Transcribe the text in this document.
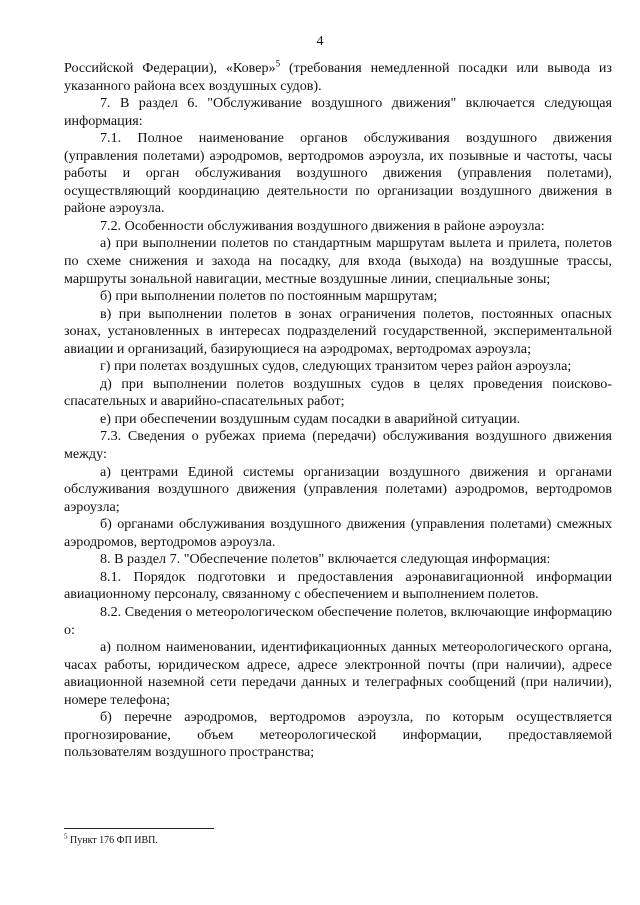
4

Российской Федерации), «Ковер»$^5$ (требования немедленной посадки или вывода из указанного района всех воздушных судов).

7. В раздел 6. "Обслуживание воздушного движения" включается следующая информация:

7.1. Полное наименование органов обслуживания воздушного движения (управления полетами) аэродромов, вертодромов аэроузла, их позывные и частоты, часы работы и орган обслуживания воздушного движения (управления полетами), осуществляющий координацию деятельности по организации воздушного движения в районе аэроузла.

7.2. Особенности обслуживания воздушного движения в районе аэроузла:

а) при выполнении полетов по стандартным маршрутам вылета и прилета, полетов по схеме снижения и захода на посадку, для входа (выхода) на воздушные трассы, маршруты зональной навигации, местные воздушные линии, специальные зоны;

б) при выполнении полетов по постоянным маршрутам;

в) при выполнении полетов в зонах ограничения полетов, постоянных опасных зонах, установленных в интересах подразделений государственной, экспериментальной авиации и организаций, базирующиеся на аэродромах, вертодромах аэроузла;

г) при полетах воздушных судов, следующих транзитом через район аэроузла;

д) при выполнении полетов воздушных судов в целях проведения поисково-спасательных и аварийно-спасательных работ;

е) при обеспечении воздушным судам посадки в аварийной ситуации.

7.3. Сведения о рубежах приема (передачи) обслуживания воздушного движения между:

а) центрами Единой системы организации воздушного движения и органами обслуживания воздушного движения (управления полетами) аэродромов, вертодромов аэроузла;

б) органами обслуживания воздушного движения (управления полетами) смежных аэродромов, вертодромов аэроузла.

8. В раздел 7. "Обеспечение полетов" включается следующая информация:

8.1. Порядок подготовки и предоставления аэронавигационной информации авиационному персоналу, связанному с обеспечением и выполнением полетов.

8.2. Сведения о метеорологическом обеспечение полетов, включающие информацию о:

а) полном наименовании, идентификационных данных метеорологического органа, часах работы, юридическом адресе, адресе электронной почты (при наличии), адресе авиационной наземной сети передачи данных и телеграфных сообщений (при наличии), номере телефона;

б) перечне аэродромов, вертодромов аэроузла, по которым осуществляется прогнозирование, объем метеорологической информации, предоставляемой пользователям воздушного пространства;

$^5$ Пункт 176 ФП ИВП.
